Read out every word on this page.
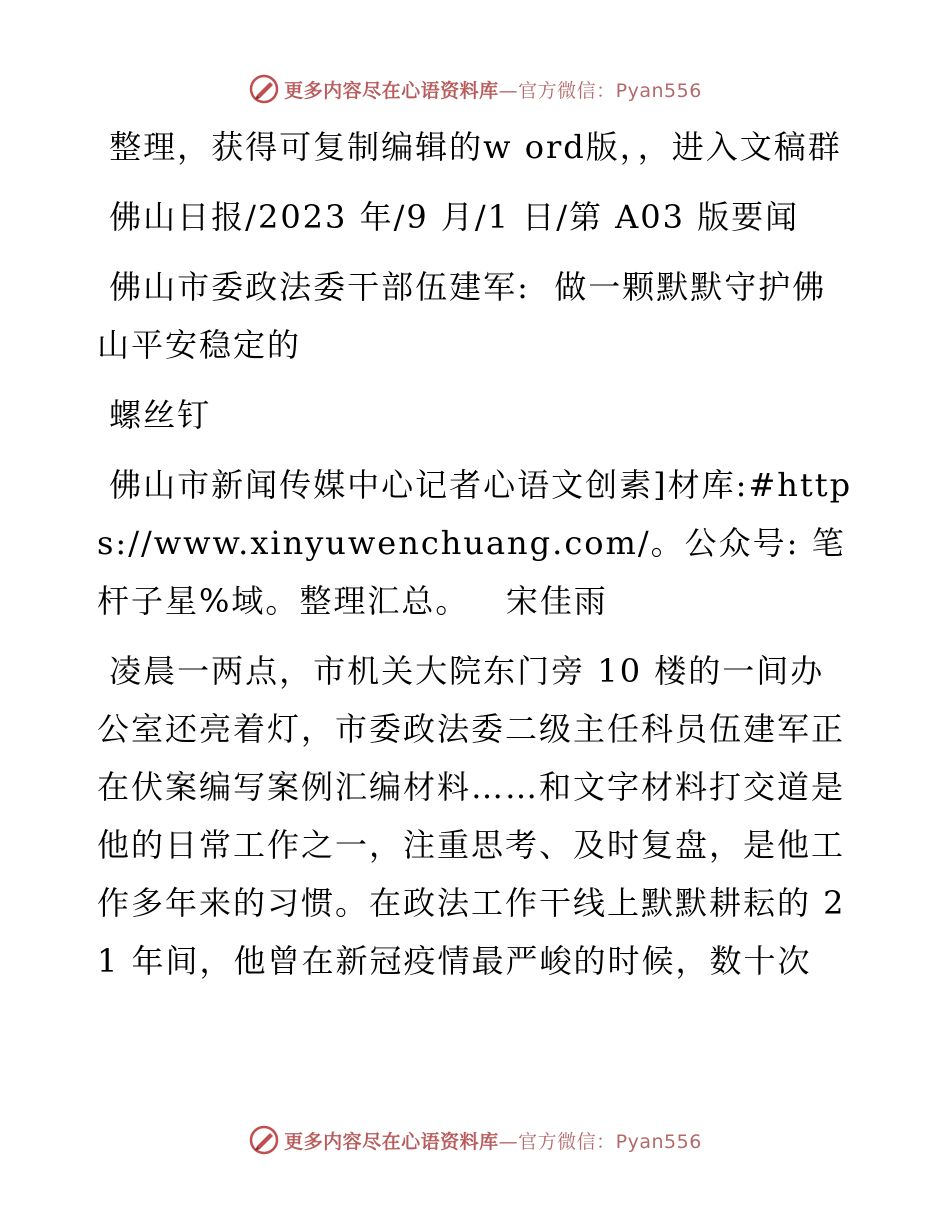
更多内容尽在心语资料库 —官方微信：Pyan556

整理，获得可复制编辑的w ord版，，进入文稿群

佛山日报/2023 年/9 月/1 日/第 A03 版要闻

佛山市委政法委干部伍建军:  做一颗默默守护佛山平安稳定的

螺丝钉

佛山市新闻传媒中心记者心语文创素]材库:#https://www.xinyuwenchuang.com/。公众号: 笔杆子星%域。整理汇总。   宋佳雨

凌晨一两点，市机关大院东门旁 10 楼的一间办公室还亮着灯，市委政法委二级主任科员伍建军正在伏案编写案例汇编材料……和文字材料打交道是他的日常工作之一，注重思考、及时复盘，是他工作多年来的习惯。在政法工作干线上默默耕耘的 21 年间，他曾在新冠疫情最严峻的时候，数十次

更多内容尽在心语资料库 —官方微信：Pyan556
